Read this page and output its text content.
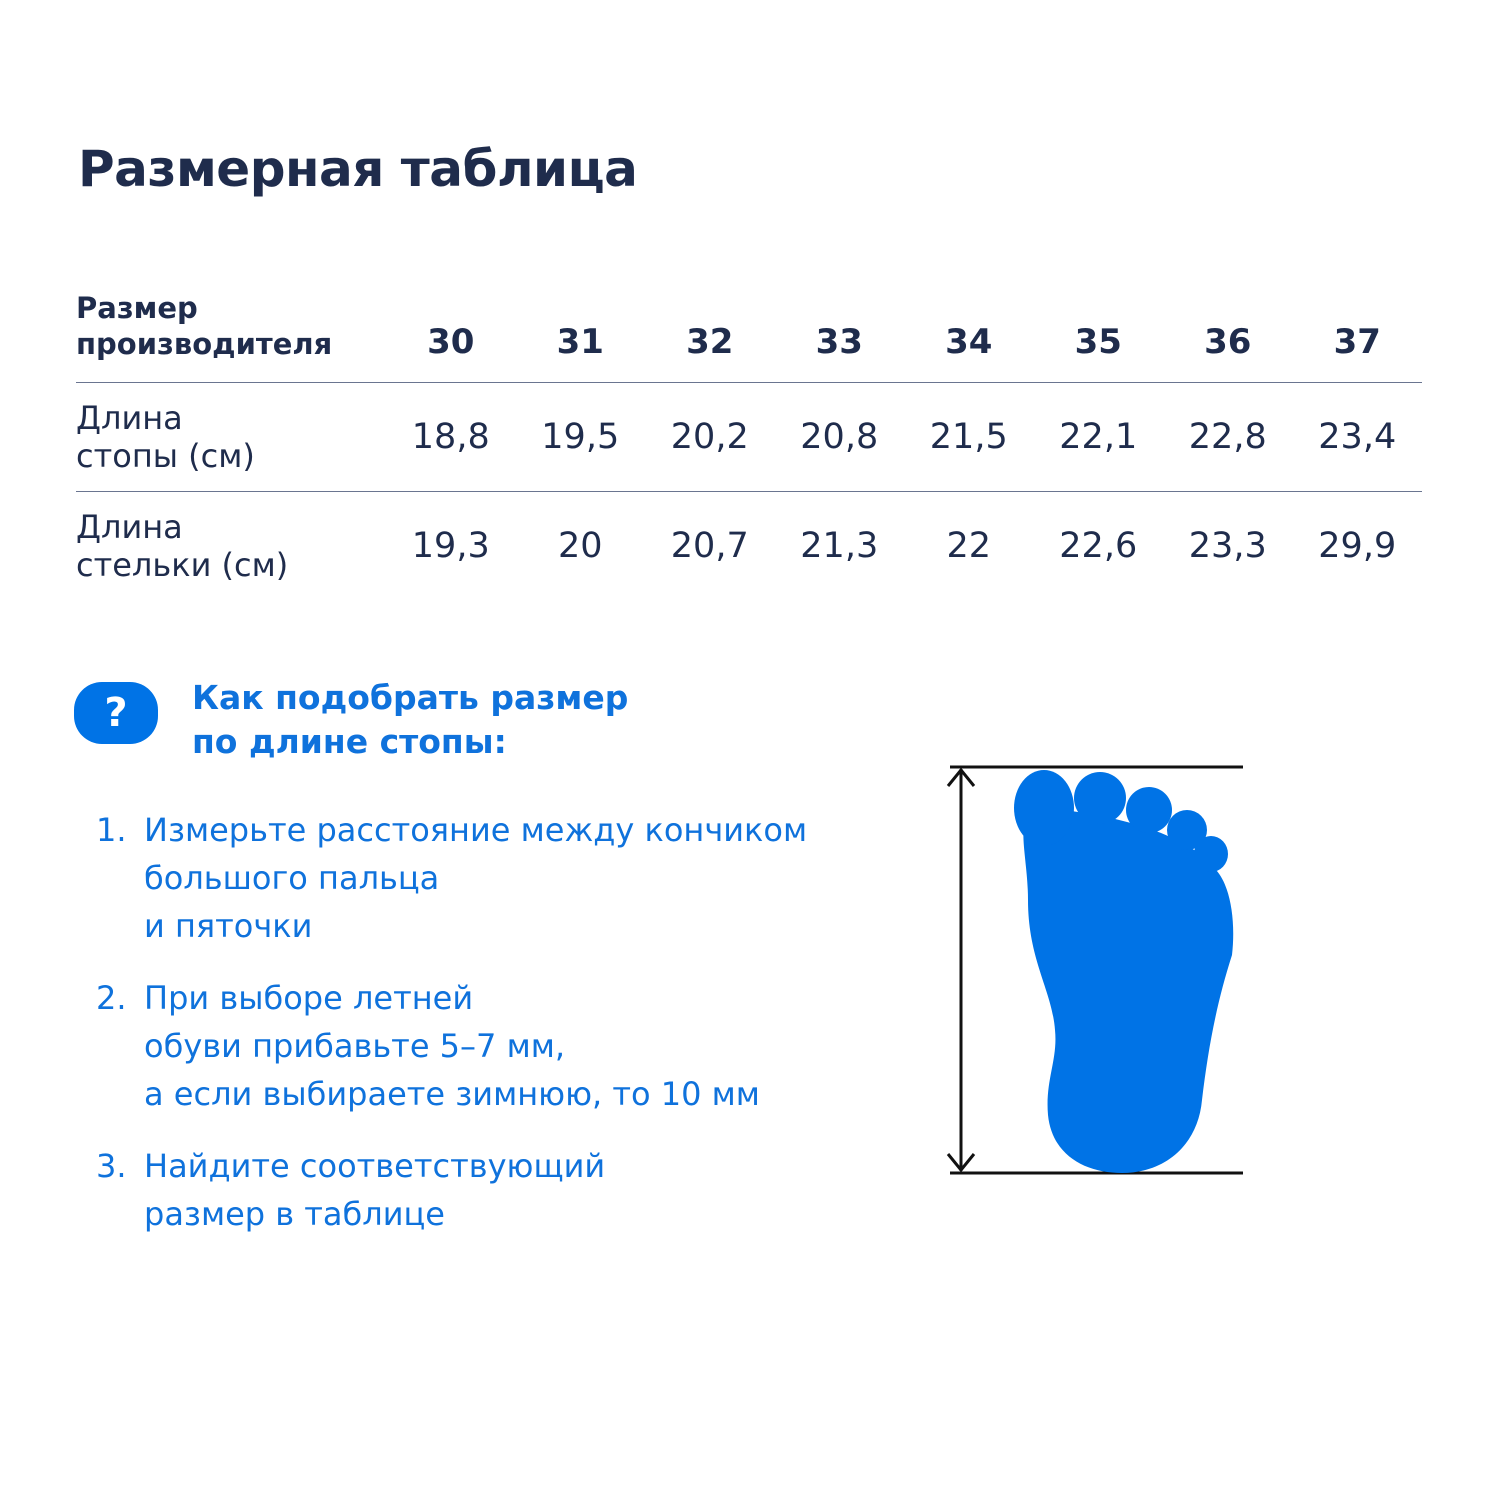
Размерная таблица
Размер
производителя	30	31	32	33	34	35	36	37
Длина
стопы (см)	18,8	19,5	20,2	20,8	21,5	22,1	22,8	23,4
Длина
стельки (см)	19,3	20	20,7	21,3	22	22,6	23,3	29,9
?	Как подобрать размер
по длине стопы:
1. Измерьте расстояние между кончиком
большого пальца
и пяточки
2. При выборе летней
обуви прибавьте 5–7 мм,
а если выбираете зимнюю, то 10 мм
3. Найдите соответствующий
размер в таблице
